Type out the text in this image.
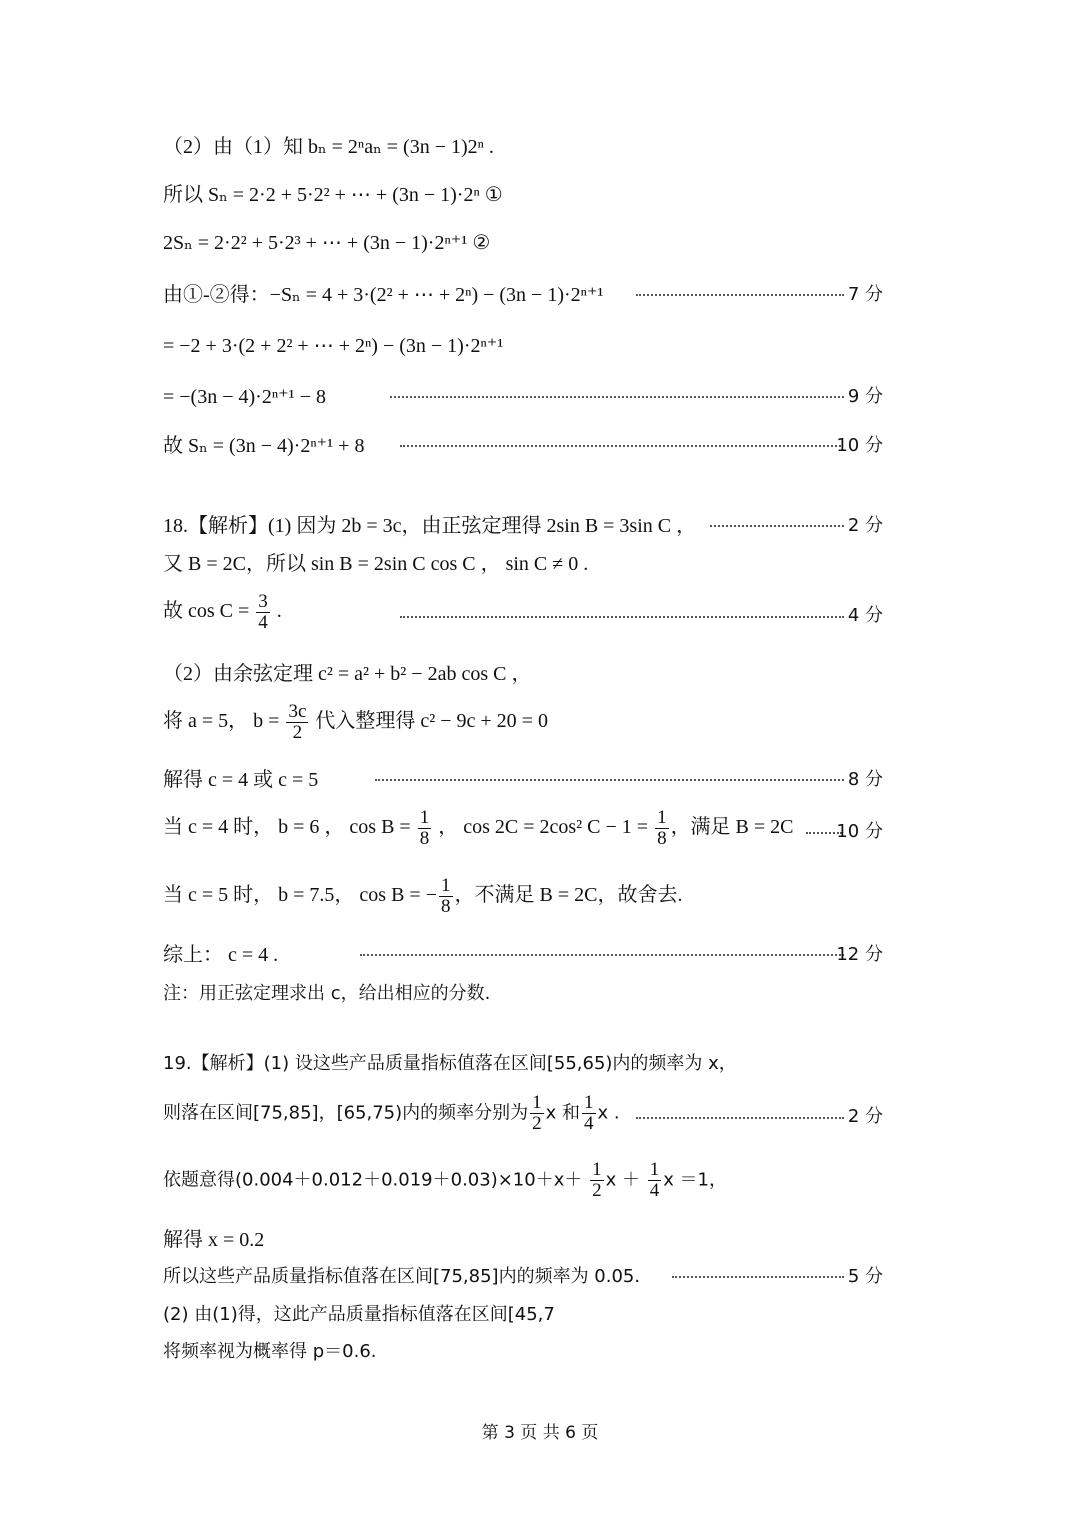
（2）由（1）知 bₙ = 2ⁿaₙ = (3n − 1)2ⁿ .
所以 Sₙ = 2·2 + 5·2² + ⋯ + (3n − 1)·2ⁿ ①
2Sₙ = 2·2² + 5·2³ + ⋯ + (3n − 1)·2ⁿ⁺¹ ②
由①-②得：−Sₙ = 4 + 3·(2² + ⋯ + 2ⁿ) − (3n − 1)·2ⁿ⁺¹	7 分
= −2 + 3·(2 + 2² + ⋯ + 2ⁿ) − (3n − 1)·2ⁿ⁺¹
= −(3n − 4)·2ⁿ⁺¹ − 8	9 分
故 Sₙ = (3n − 4)·2ⁿ⁺¹ + 8	10 分
18.【解析】(1) 因为 2b = 3c，由正弦定理得 2sin B = 3sin C ，	2 分
又 B = 2C，所以 sin B = 2sin C cos C ， sin C ≠ 0 .
故 $\cos C = \frac{3}{4}$ .	4 分
（2）由余弦定理 c² = a² + b² − 2ab cos C ，
将 a = 5， $b = \frac{3c}{2}$ 代入整理得 c² − 9c + 20 = 0
解得 c = 4 或 c = 5	8 分
当 c = 4 时， b = 6 ， $\cos B = \frac{1}{8}$ ， cos 2C = 2cos² $C - 1 = \frac{1}{8}$ ，满足 B = 2C 10 分
当 c = 5 时， b = 7.5， cos B = − $\frac{1}{8}$ ，不满足 B = 2C，故舍去.
综上： c = 4 .	12 分
注：用正弦定理求出 c，给出相应的分数.
19.【解析】(1) 设这些产品质量指标值落在区间[55,65)内的频率为 x，
则落在区间[75,85]，[65,75)内的频率分别为 $\frac{1}{2}$ x 和 $\frac{1}{4}$ x .	2 分
依题意得$(0.004+0.012+0.019+0.03)\times 10+x+ \frac{1}{2}$ $x + \frac{1}{4}$ x ＝1，
解得 x = 0.2
所以这些产品质量指标值落在区间[75,85]内的频率为 0.05.	5 分
(2) 由(1)得，这此产品质量指标值落在区间[45,7
将频率视为概率得 p＝0.6.
第 3 页 共 6 页
